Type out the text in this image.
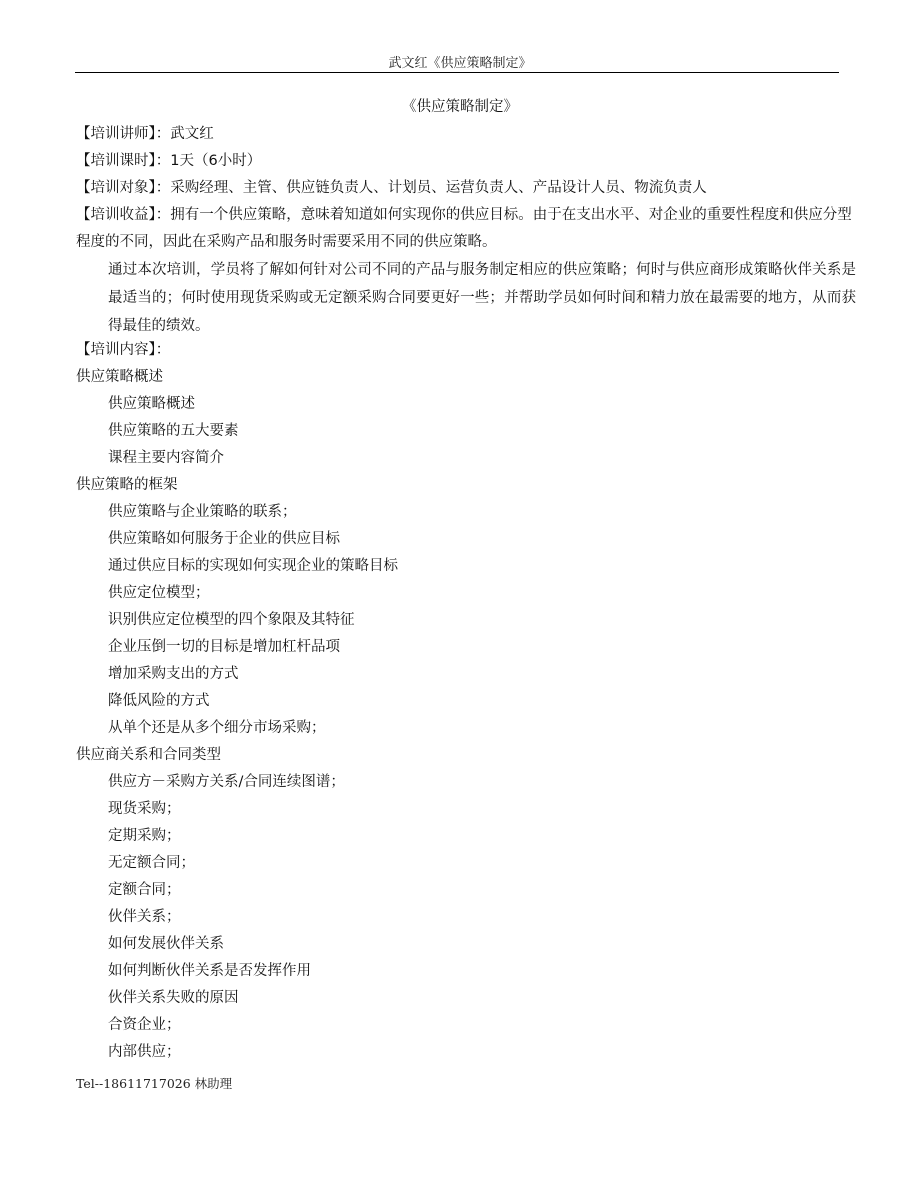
武文红《供应策略制定》
《供应策略制定》
【培训讲师】：武文红
【培训课时】：1天（6小时）
【培训对象】：采购经理、主管、供应链负责人、计划员、运营负责人、产品设计人员、物流负责人
【培训收益】：拥有一个供应策略，意味着知道如何实现你的供应目标。由于在支出水平、对企业的重要性程度和供应分型程度的不同，因此在采购产品和服务时需要采用不同的供应策略。
通过本次培训，学员将了解如何针对公司不同的产品与服务制定相应的供应策略；何时与供应商形成策略伙伴关系是最适当的；何时使用现货采购或无定额采购合同要更好一些；并帮助学员如何时间和精力放在最需要的地方，从而获得最佳的绩效。
【培训内容】：
供应策略概述
供应策略概述
供应策略的五大要素
课程主要内容简介
供应策略的框架
供应策略与企业策略的联系；
供应策略如何服务于企业的供应目标
通过供应目标的实现如何实现企业的策略目标
供应定位模型；
识别供应定位模型的四个象限及其特征
企业压倒一切的目标是增加杠杆品项
增加采购支出的方式
降低风险的方式
从单个还是从多个细分市场采购；
供应商关系和合同类型
供应方－采购方关系/合同连续图谱；
现货采购；
定期采购；
无定额合同；
定额合同；
伙伴关系；
如何发展伙伴关系
如何判断伙伴关系是否发挥作用
伙伴关系失败的原因
合资企业；
内部供应；
Tel--18611717026 林助理
